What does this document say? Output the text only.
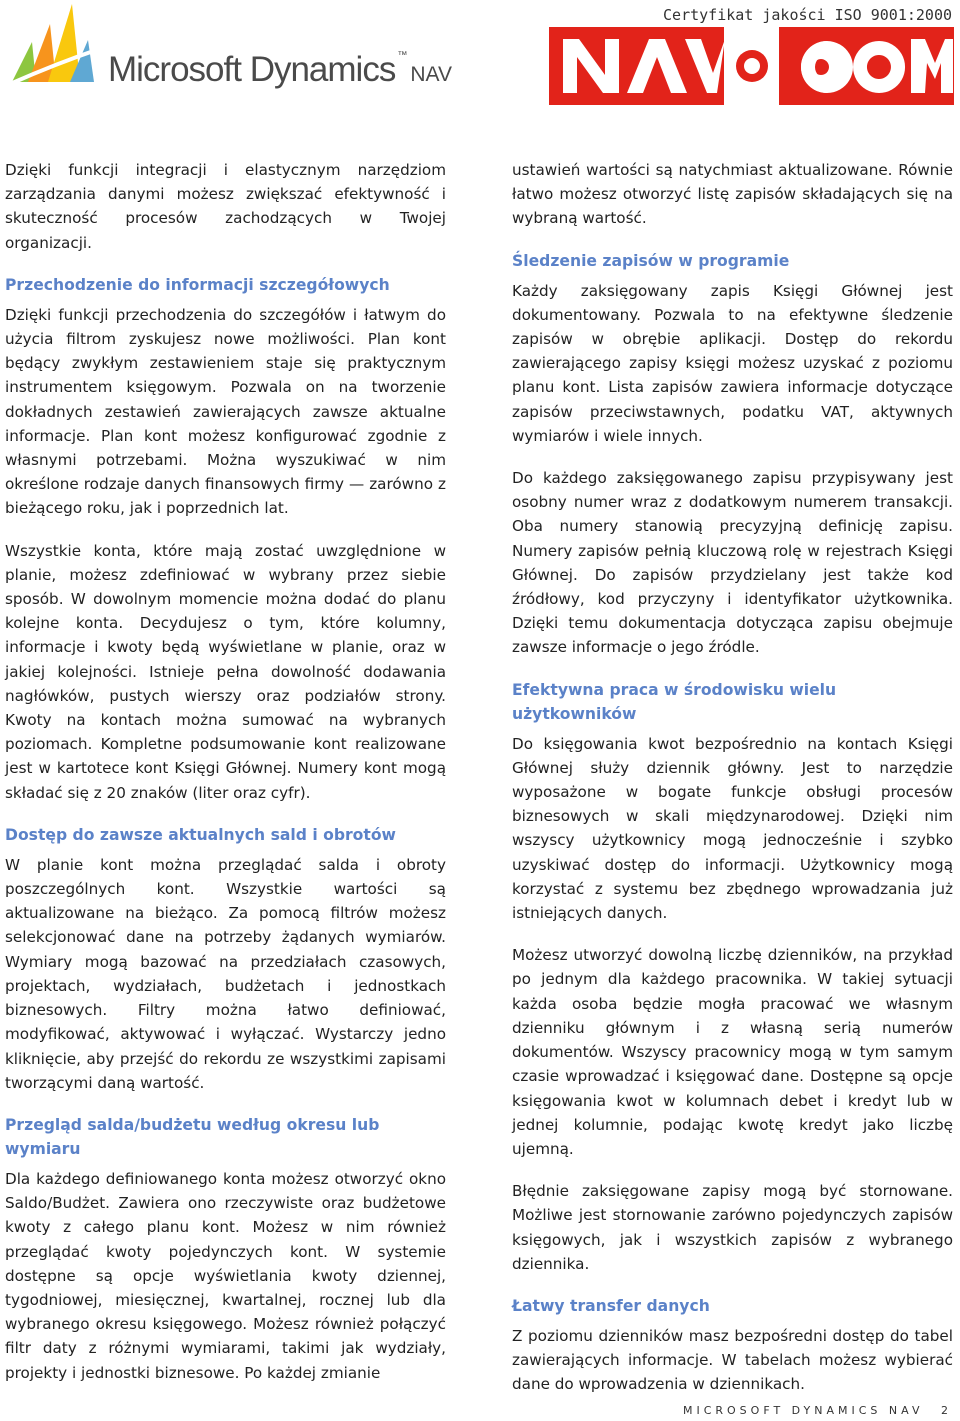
Microsoft Dynamics ™NAV
Certyfikat jakości ISO 9001:2000

Dzięki funkcji integracji i elastycznym narzędziom zarządzania danymi możesz zwiększać efektywność i skuteczność procesów zachodzących w Twojej organizacji.

Przechodzenie do informacji szczegółowych

Dzięki funkcji przechodzenia do szczegółów i łatwym do użycia filtrom zyskujesz nowe możliwości. Plan kont będący zwykłym zestawieniem staje się praktycznym instrumentem księgowym. Pozwala on na tworzenie dokładnych zestawień zawierających zawsze aktualne informacje. Plan kont możesz konfigurować zgodnie z własnymi potrzebami. Można wyszukiwać w nim określone rodzaje danych finansowych firmy — zarówno z bieżącego roku, jak i poprzednich lat.

Wszystkie konta, które mają zostać uwzględnione w planie, możesz zdefiniować w wybrany przez siebie sposób. W dowolnym momencie można dodać do planu kolejne konta. Decydujesz o tym, które kolumny, informacje i kwoty będą wyświetlane w planie, oraz w jakiej kolejności. Istnieje pełna dowolność dodawania nagłówków, pustych wierszy oraz podziałów strony. Kwoty na kontach można sumować na wybranych poziomach. Kompletne podsumowanie kont realizowane jest w kartotece kont Księgi Głównej. Numery kont mogą składać się z 20 znaków (liter oraz cyfr).

Dostęp do zawsze aktualnych sald i obrotów

W planie kont można przeglądać salda i obroty poszczególnych kont. Wszystkie wartości są aktualizowane na bieżąco. Za pomocą filtrów możesz selekcjonować dane na potrzeby żądanych wymiarów. Wymiary mogą bazować na przedziałach czasowych, projektach, wydziałach, budżetach i jednostkach biznesowych. Filtry można łatwo definiować, modyfikować, aktywować i wyłączać. Wystarczy jedno kliknięcie, aby przejść do rekordu ze wszystkimi zapisami tworzącymi daną wartość.

Przegląd salda/budżetu według okresu lub wymiaru

Dla każdego definiowanego konta możesz otworzyć okno Saldo/Budżet. Zawiera ono rzeczywiste oraz budżetowe kwoty z całego planu kont. Możesz w nim również przeglądać kwoty pojedynczych kont. W systemie dostępne są opcje wyświetlania kwoty dziennej, tygodniowej, miesięcznej, kwartalnej, rocznej lub dla wybranego okresu księgowego. Możesz również połączyć filtr daty z różnymi wymiarami, takimi jak wydziały, projekty i jednostki biznesowe. Po każdej zmianie

ustawień wartości są natychmiast aktualizowane. Równie łatwo możesz otworzyć listę zapisów składających się na wybraną wartość.

Śledzenie zapisów w programie

Każdy zaksięgowany zapis Księgi Głównej jest dokumentowany. Pozwala to na efektywne śledzenie zapisów w obrębie aplikacji. Dostęp do rekordu zawierającego zapisy księgi możesz uzyskać z poziomu planu kont. Lista zapisów zawiera informacje dotyczące zapisów przeciwstawnych, podatku VAT, aktywnych wymiarów i wiele innych.

Do każdego zaksięgowanego zapisu przypisywany jest osobny numer wraz z dodatkowym numerem transakcji. Oba numery stanowią precyzyjną definicję zapisu. Numery zapisów pełnią kluczową rolę w rejestrach Księgi Głównej. Do zapisów przydzielany jest także kod źródłowy, kod przyczyny i identyfikator użytkownika. Dzięki temu dokumentacja dotycząca zapisu obejmuje zawsze informacje o jego źródle.

Efektywna praca w środowisku wielu użytkowników

Do księgowania kwot bezpośrednio na kontach Księgi Głównej służy dziennik główny. Jest to narzędzie wyposażone w bogate funkcje obsługi procesów biznesowych w skali międzynarodowej. Dzięki nim wszyscy użytkownicy mogą jednocześnie i szybko uzyskiwać dostęp do informacji. Użytkownicy mogą korzystać z systemu bez zbędnego wprowadzania już istniejących danych.

Możesz utworzyć dowolną liczbę dzienników, na przykład po jednym dla każdego pracownika. W takiej sytuacji każda osoba będzie mogła pracować we własnym dzienniku głównym i z własną serią numerów dokumentów. Wszyscy pracownicy mogą w tym samym czasie wprowadzać i księgować dane. Dostępne są opcje księgowania kwot w kolumnach debet i kredyt lub w jednej kolumnie, podając kwotę kredyt jako liczbę ujemną.

Błędnie zaksięgowane zapisy mogą być stornowane. Możliwe jest stornowanie zarówno pojedynczych zapisów księgowych, jak i wszystkich zapisów z wybranego dziennika.

Łatwy transfer danych

Z poziomu dzienników masz bezpośredni dostęp do tabel zawierających informacje. W tabelach możesz wybierać dane do wprowadzenia w dziennikach.

MICROSOFT DYNAMICS NAV 2
